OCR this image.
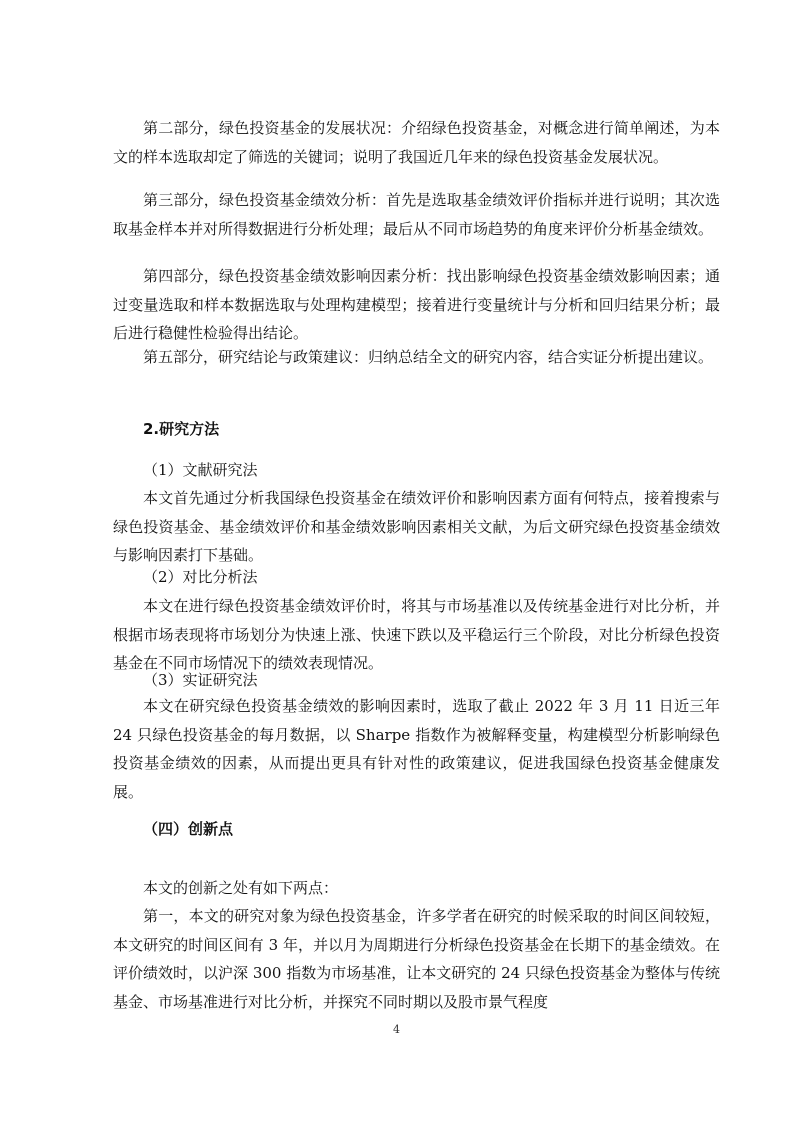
第二部分，绿色投资基金的发展状况：介绍绿色投资基金，对概念进行简单阐述，为本文的样本选取却定了筛选的关键词；说明了我国近几年来的绿色投资基金发展状况。

第三部分，绿色投资基金绩效分析：首先是选取基金绩效评价指标并进行说明；其次选取基金样本并对所得数据进行分析处理；最后从不同市场趋势的角度来评价分析基金绩效。

第四部分，绿色投资基金绩效影响因素分析：找出影响绿色投资基金绩效影响因素；通过变量选取和样本数据选取与处理构建模型；接着进行变量统计与分析和回归结果分析；最后进行稳健性检验得出结论。

第五部分，研究结论与政策建议：归纳总结全文的研究内容，结合实证分析提出建议。

2.研究方法

（1）文献研究法

本文首先通过分析我国绿色投资基金在绩效评价和影响因素方面有何特点，接着搜索与绿色投资基金、基金绩效评价和基金绩效影响因素相关文献，为后文研究绿色投资基金绩效与影响因素打下基础。

（2）对比分析法

本文在进行绿色投资基金绩效评价时，将其与市场基准以及传统基金进行对比分析，并根据市场表现将市场划分为快速上涨、快速下跌以及平稳运行三个阶段，对比分析绿色投资基金在不同市场情况下的绩效表现情况。

（3）实证研究法

本文在研究绿色投资基金绩效的影响因素时，选取了截止 2022 年 3 月 11 日近三年 24 只绿色投资基金的每月数据，以 Sharpe 指数作为被解释变量，构建模型分析影响绿色投资基金绩效的因素，从而提出更具有针对性的政策建议，促进我国绿色投资基金健康发展。

（四）创新点

本文的创新之处有如下两点：

第一，本文的研究对象为绿色投资基金，许多学者在研究的时候采取的时间区间较短，本文研究的时间区间有 3 年，并以月为周期进行分析绿色投资基金在长期下的基金绩效。在评价绩效时，以沪深 300 指数为市场基准，让本文研究的 24 只绿色投资基金为整体与传统基金、市场基准进行对比分析，并探究不同时期以及股市景气程度

4
